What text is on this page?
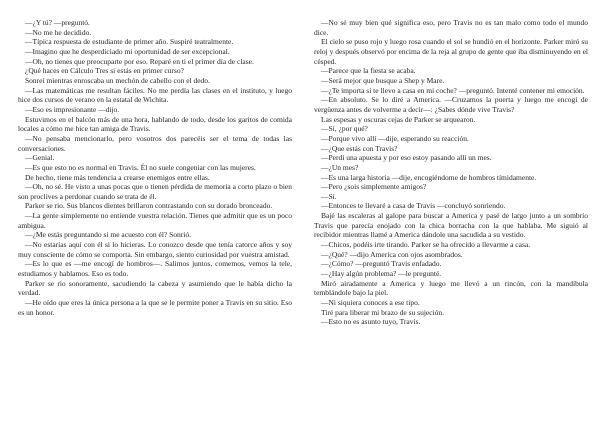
—¿Y tú? —preguntó.

—No me he decidido.

—Típica respuesta de estudiante de primer año. Suspiré teatralmente.

—Imagino que he desperdiciado mi oportunidad de ser excepcional.

—Oh, no tienes que preocuparte por eso. Reparé en ti el primer día de clase.

¿Qué haces en Cálculo Tres si estás en primer curso?

Sonreí mientras enroscaba un mechón de cabello con el dedo.

—Las matemáticas me resultan fáciles. No me perdía las clases en el instituto, y luego hice dos cursos de verano en la estatal de Wichita.

—Eso es impresionante —dijo.

Estuvimos en el balcón más de una hora, hablando de todo, desde los garitos de comida locales a cómo me hice tan amiga de Travis.

—No pensaba mencionarlo, pero vosotros dos parecéis ser el tema de todas las conversaciones.

—Genial.

—Es que esto no es normal en Travis. Él no suele congeniar con las mujeres.

De hecho, tiene más tendencia a crearse enemigos entre ellas.

—Oh, no sé. He visto a unas pocas que o tienen pérdida de memoria a corto plazo o bien son proclives a perdonar cuando se trata de él.

Parker se rio. Sus blancos dientes brillaron contrastando con su dorado bronceado.

—La gente simplemente no entiende vuestra relación. Tienes que admitir que es un poco ambigua.

—¿Me estás preguntando si me acuesto con él? Sonrió.

—No estarías aquí con él si lo hicieras. Lo conozco desde que tenía catorce años y soy muy consciente de cómo se comporta. Sin embargo, siento curiosidad por vuestra amistad.

—Es lo que es —me encogí de hombros—. Salimos juntos, comemos, vemos la tele, estudiamos y hablamos. Eso es todo.

Parker se rio sonoramente, sacudiendo la cabeza y asumiendo que le había dicho la verdad.

—He oído que eres la única persona a la que se le permite poner a Travis en su sitio. Eso es un honor.

—No sé muy bien qué significa eso, pero Travis no es tan malo como todo el mundo dice.

El cielo se puso rojo y luego rosa cuando el sol se hundió en el horizonte. Parker miró su reloj y después observó por encima de la reja al grupo de gente que iba disminuyendo en el césped.

—Parece que la fiesta se acaba.

—Será mejor que busque a Shep y Mare.

—¿Te importa si te llevo a casa en mi coche? —preguntó. Intenté contener mi emoción.

—En absoluto. Se lo diré a America. —Cruzamos la puerta y luego me encogí de vergüenza antes de volverme a decir—: ¿Sabes dónde vive Travis?

Las espesas y oscuras cejas de Parker se arquearon.

—Sí, ¿por qué?

—Porque vivo allí —dije, esperando su reacción.

—¿Que estás con Travis?

—Perdí una apuesta y por eso estoy pasando allí un mes.

—¿Un mes?

—Es una larga historia —dije, encogiéndome de hombros tímidamente.

—Pero ¿sois simplemente amigos?

—Sí.

—Entonces te llevaré a casa de Travis —concluyó sonriendo.

Bajé las escaleras al galope para buscar a America y pasé de largo junto a un sombrío Travis que parecía enojado con la chica borracha con la que hablaba. Me siguió al recibidor mientras llamé a America dándole una sacudida a su vestido.

—Chicos, podéis irte tirando. Parker se ha ofrecido a llevarme a casa.

—¿Qué? —dijo America con ojos asombrados.

—¿Cómo? —preguntó Travis enfadado.

—¿Hay algún problema? —le pregunté.

Miró airadamente a America y luego me llevó a un rincón, con la mandíbula temblándole bajo la piel.

—Ni siquiera conoces a ese tipo.

Tiré para liberar mi brazo de su sujeción.

—Esto no es asunto tuyo, Travis.
